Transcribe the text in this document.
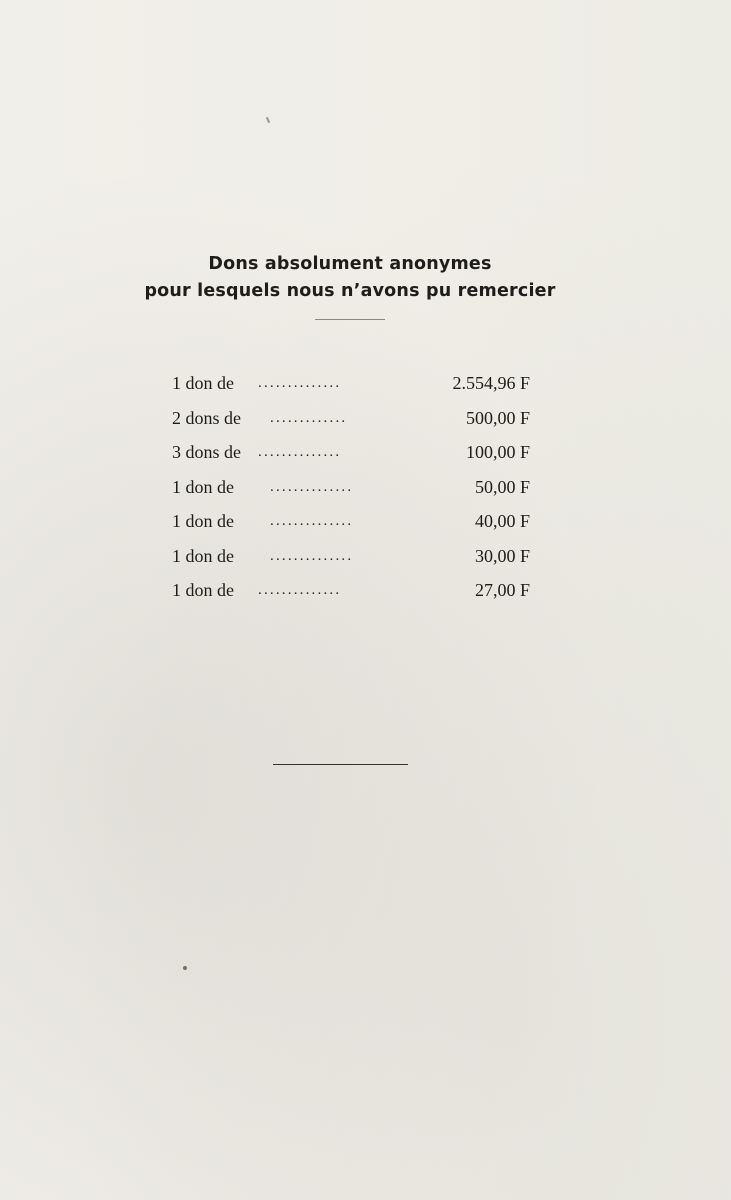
Dons absolument anonymes
pour lesquels nous n’avons pu remercier
1 don de ..............	2.554,96 F
2 dons de .............	500,00 F
3 dons de ..............	100,00 F
1 don de ..............	50,00 F
1 don de ..............	40,00 F
1 don de ..............	30,00 F
1 don de ..............	27,00 F
